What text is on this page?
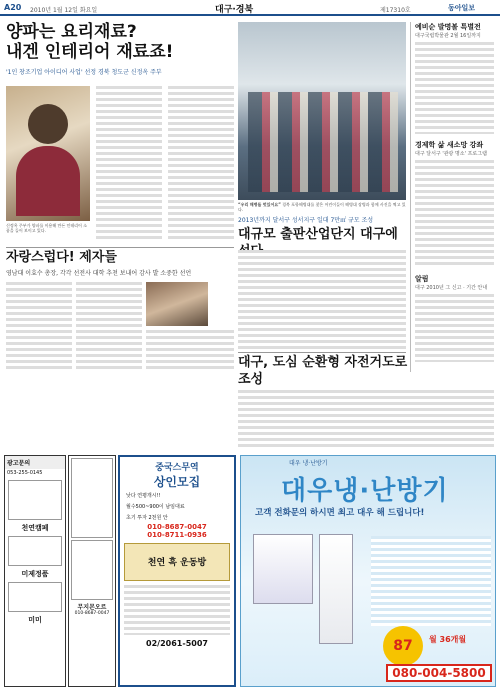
A20 2010년 1월 12일 화요일	대구·경북	제17310호	동아일보
양파는 요리재료?
내겐 인테리어 재료죠!
'1인 창조기업 아이디어 사업' 선정 경북 청도군 신정옥 주부
신정옥 주부가 양파를 이용해 만든 인테리어 소품을 들어 보이고 있다.
“우리 해병들 멋있어요” 경북 포항해병대를 찾은 어린이들이 해병대 장병과 함께 사진을 찍고 있다.
예비순 발명볼 특별전
대구국립박물관 2월 16일까지
경제학 삶 새소망 강좌
대구 달서구 '관광 명소' 프로그램
알림
대구 2010년 그 신고 · 기간 안내
2013년까지 달서구 성서지구 일대 7만㎡ 규모 조성
대규모 출판산업단지 대구에
자랑스럽다! 제자들
영남대 이효수 총장, 각각 선전사 대학 추천 보내어 감사 발 소중한 선언
대구, 도심 순환형 자전거도로 조성
광고문의
053-255-0145
천연캠페
미제정품
미미
무지몬오르
010-8687-0047
중국스무역
상인모집
낮다 연평개시!!
월수500~900이 남임대료
초기 투자 2천원 안
010-8687-0047
010-8711-0936
천연 흑 운동방
02/2061-5007
대우 냉·난방기
대우냉·난방기
고객 전화문의 하시면 최고 대우 해 드립니다!
87	월 36개월
080-004-5800
